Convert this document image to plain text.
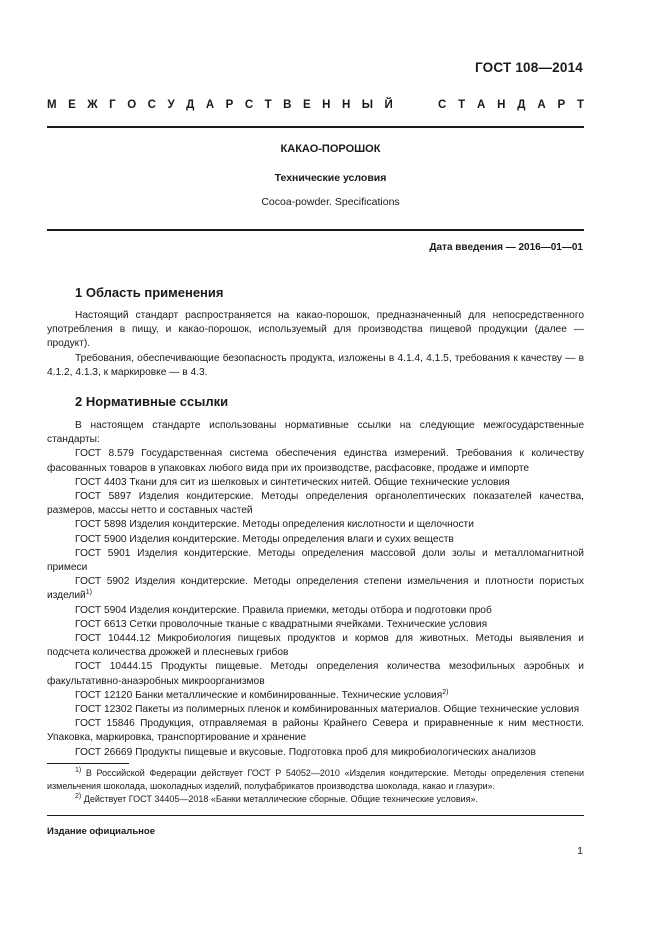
ГОСТ 108—2014
М Е Ж Г О С У Д А Р С Т В Е Н Н Ы Й	С Т А Н Д А Р Т
КАКАО-ПОРОШОК
Технические условия
Cocoa-powder. Specifications
Дата введения — 2016—01—01
1 Область применения

Настоящий стандарт распространяется на какао-порошок, предназначенный для непосредственного употребления в пищу, и какао-порошок, используемый для производства пищевой продукции (далее — продукт).

Требования, обеспечивающие безопасность продукта, изложены в 4.1.4, 4.1.5, требования к качеству — в 4.1.2, 4.1.3, к маркировке — в 4.3.

2 Нормативные ссылки

В настоящем стандарте использованы нормативные ссылки на следующие межгосударственные стандарты:

ГОСТ 8.579 Государственная система обеспечения единства измерений. Требования к количеству фасованных товаров в упаковках любого вида при их производстве, расфасовке, продаже и импорте

ГОСТ 4403 Ткани для сит из шелковых и синтетических нитей. Общие технические условия

ГОСТ 5897 Изделия кондитерские. Методы определения органолептических показателей качества, размеров, массы нетто и составных частей

ГОСТ 5898 Изделия кондитерские. Методы определения кислотности и щелочности

ГОСТ 5900 Изделия кондитерские. Методы определения влаги и сухих веществ

ГОСТ 5901 Изделия кондитерские. Методы определения массовой доли золы и металломагнитной примеси

ГОСТ 5902 Изделия кондитерские. Методы определения степени измельчения и плотности пористых изделий$^{1)}$

ГОСТ 5904 Изделия кондитерские. Правила приемки, методы отбора и подготовки проб

ГОСТ 6613 Сетки проволочные тканые с квадратными ячейками. Технические условия

ГОСТ 10444.12 Микробиология пищевых продуктов и кормов для животных. Методы выявления и подсчета количества дрожжей и плесневых грибов

ГОСТ 10444.15 Продукты пищевые. Методы определения количества мезофильных аэробных и факультативно-анаэробных микроорганизмов

ГОСТ 12120 Банки металлические и комбинированные. Технические условия$^{2)}$

ГОСТ 12302 Пакеты из полимерных пленок и комбинированных материалов. Общие технические условия

ГОСТ 15846 Продукция, отправляемая в районы Крайнего Севера и приравненные к ним местности. Упаковка, маркировка, транспортирование и хранение

ГОСТ 26669 Продукты пищевые и вкусовые. Подготовка проб для микробиологических анализов

$^{1)}$ В Российской Федерации действует ГОСТ Р 54052—2010 «Изделия кондитерские. Методы определения степени измельчения шоколада, шоколадных изделий, полуфабрикатов производства шоколада, какао и глазури».

$^{2)}$ Действует ГОСТ 34405—2018 «Банки металлические сборные. Общие технические условия».

Издание официальное
1
